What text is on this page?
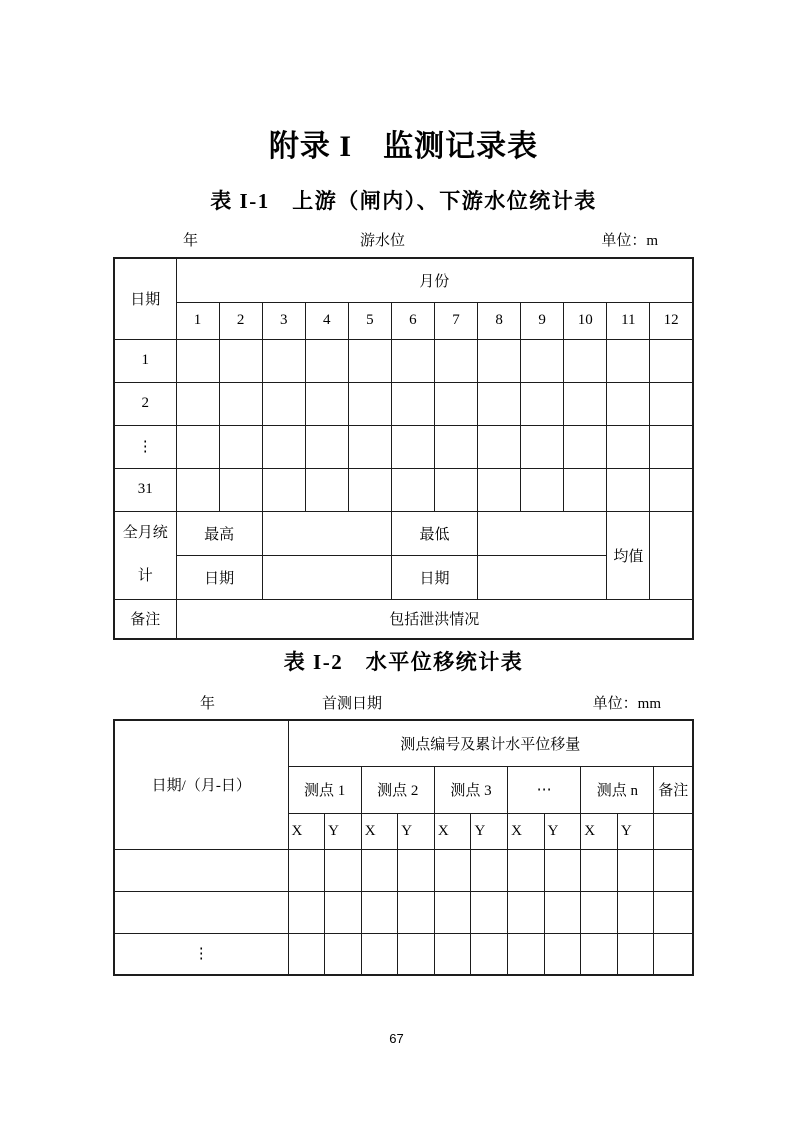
附录 I　监测记录表
表 I-1　上游（闸内）、下游水位统计表
年	游水位	单位：m
日期	月份											
	1	2	3	4	5	6	7	8	9	10	11	12
1												
2												
⋮												
31												
全月统计	最高					最低					均值	
	日期					日期						
备注	包括泄洪情况											
表 I-2　水平位移统计表
年	首测日期	单位：mm
日期/（月-日）	测点编号及累计水平位移量										
	测点 1		测点 2		测点 3		⋯		测点 n		备注
	X	Y	X	Y	X	Y	X	Y	X	Y	

⋮											
67
